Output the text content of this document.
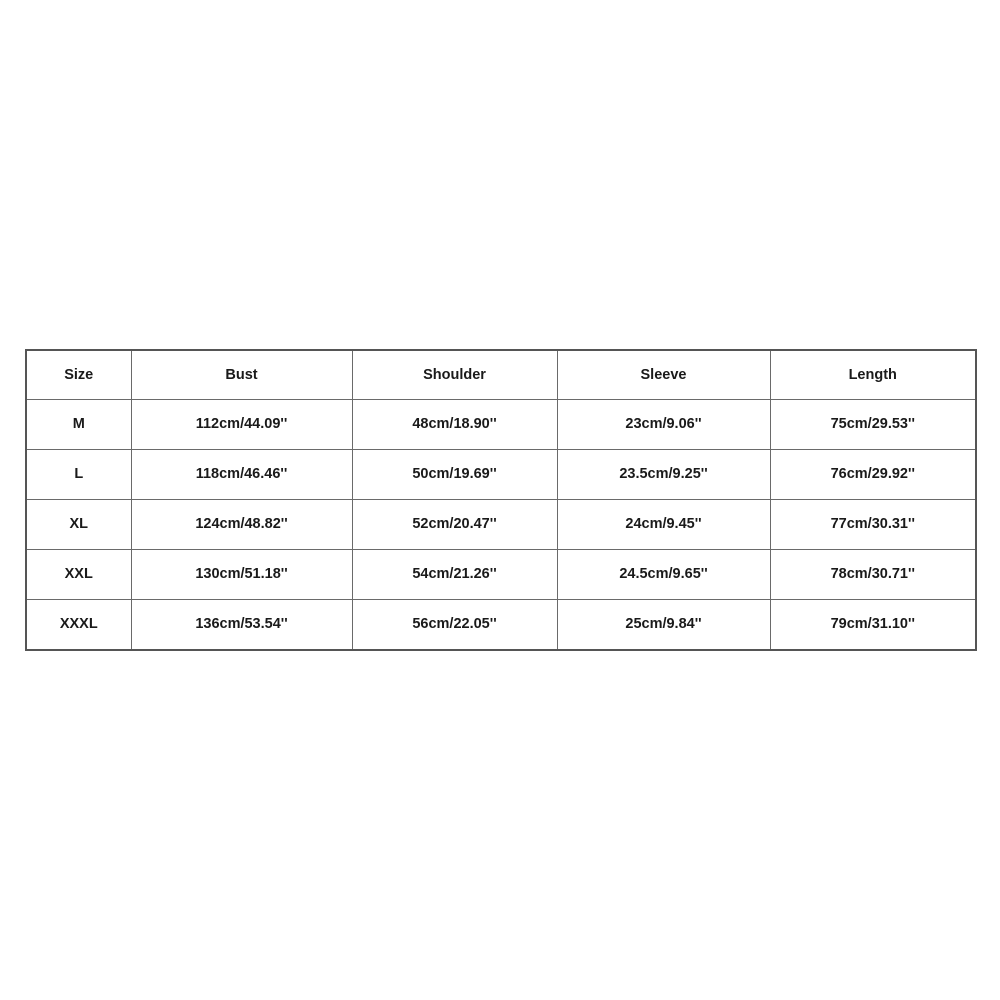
Size	Bust	Shoulder	Sleeve	Length
M	112cm/44.09''	48cm/18.90''	23cm/9.06''	75cm/29.53''
L	118cm/46.46''	50cm/19.69''	23.5cm/9.25''	76cm/29.92''
XL	124cm/48.82''	52cm/20.47''	24cm/9.45''	77cm/30.31''
XXL	130cm/51.18''	54cm/21.26''	24.5cm/9.65''	78cm/30.71''
XXXL	136cm/53.54''	56cm/22.05''	25cm/9.84''	79cm/31.10''
